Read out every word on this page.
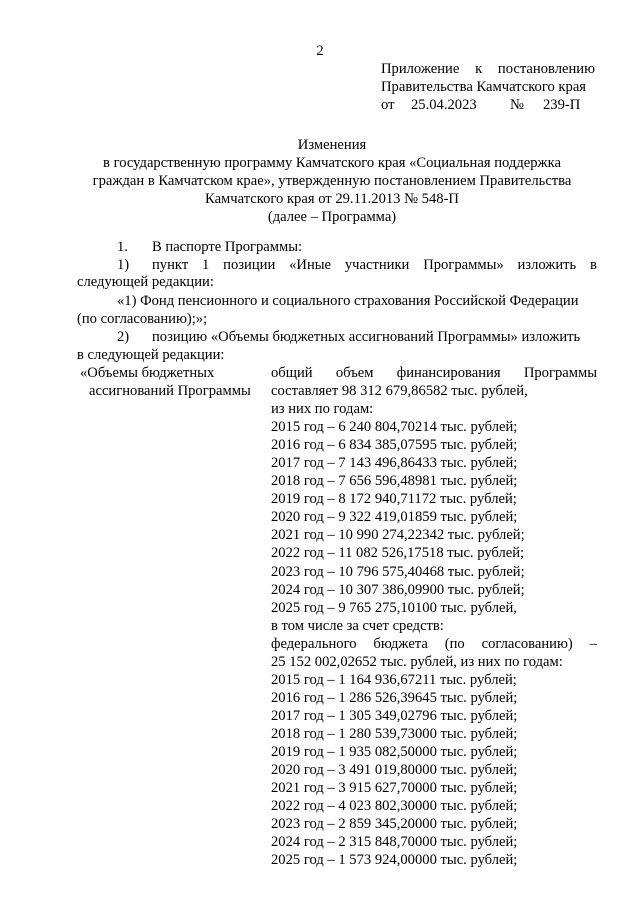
2
Приложение к постановлению
Правительства Камчатского края
от 25.04.2023 № 239-П
Изменения
в государственную программу Камчатского края «Социальная поддержка
граждан в Камчатском крае», утвержденную постановлением Правительства
Камчатского края от 29.11.2013 № 548-П
(далее – Программа)
1. В паспорте Программы:
1) пункт 1 позиции «Иные участники Программы» изложить в
следующей редакции:
«1) Фонд пенсионного и социального страхования Российской Федерации
(по согласованию);»;
2) позицию «Объемы бюджетных ассигнований Программы» изложить
в следующей редакции:
«Объемы бюджетных
ассигнований Программы
общий объем финансирования Программы
составляет 98 312 679,86582 тыс. рублей,
из них по годам:
2015 год – 6 240 804,70214 тыс. рублей;
2016 год – 6 834 385,07595 тыс. рублей;
2017 год – 7 143 496,86433 тыс. рублей;
2018 год – 7 656 596,48981 тыс. рублей;
2019 год – 8 172 940,71172 тыс. рублей;
2020 год – 9 322 419,01859 тыс. рублей;
2021 год – 10 990 274,22342 тыс. рублей;
2022 год – 11 082 526,17518 тыс. рублей;
2023 год – 10 796 575,40468 тыс. рублей;
2024 год – 10 307 386,09900 тыс. рублей;
2025 год – 9 765 275,10100 тыс. рублей,
в том числе за счет средств:
федерального бюджета (по согласованию) –
25 152 002,02652 тыс. рублей, из них по годам:
2015 год – 1 164 936,67211 тыс. рублей;
2016 год – 1 286 526,39645 тыс. рублей;
2017 год – 1 305 349,02796 тыс. рублей;
2018 год – 1 280 539,73000 тыс. рублей;
2019 год – 1 935 082,50000 тыс. рублей;
2020 год – 3 491 019,80000 тыс. рублей;
2021 год – 3 915 627,70000 тыс. рублей;
2022 год – 4 023 802,30000 тыс. рублей;
2023 год – 2 859 345,20000 тыс. рублей;
2024 год – 2 315 848,70000 тыс. рублей;
2025 год – 1 573 924,00000 тыс. рублей;
